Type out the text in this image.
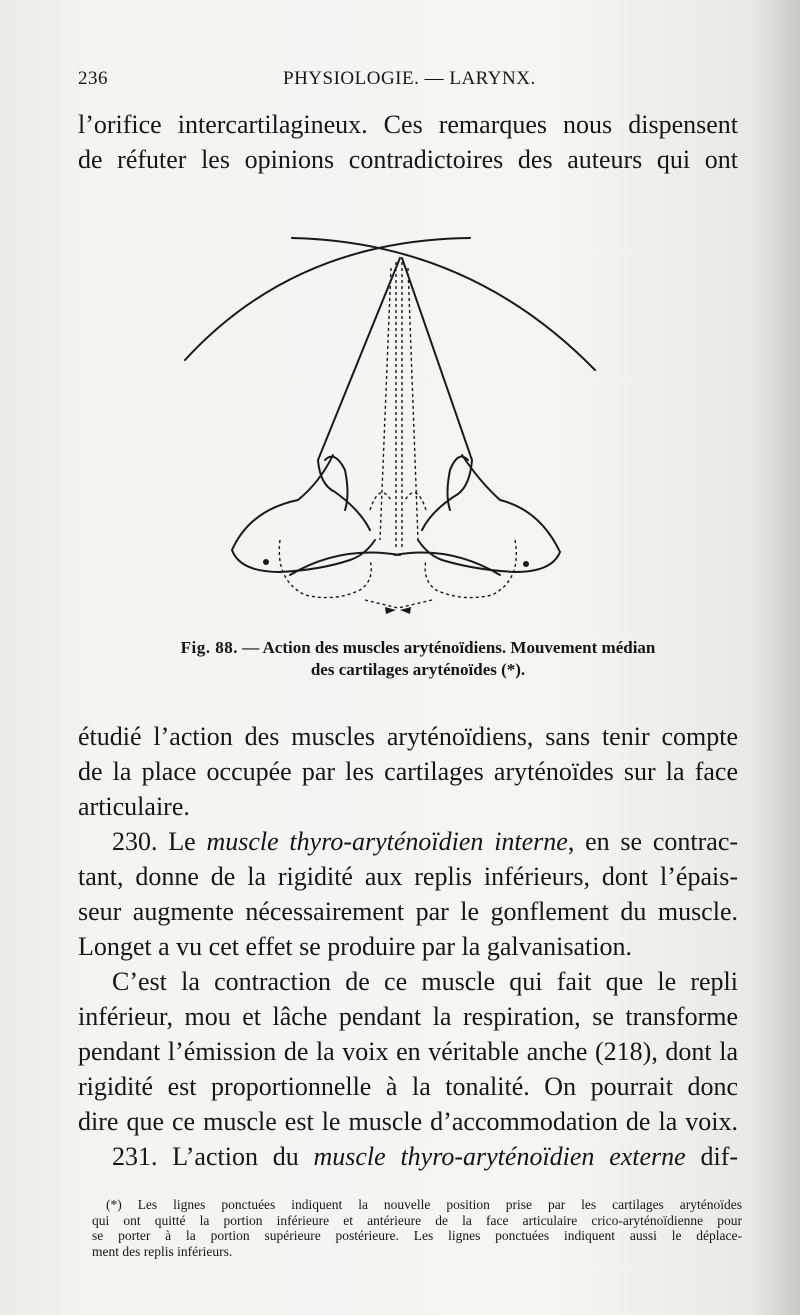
236	PHYSIOLOGIE. — LARYNX.
l’orifice intercartilagineux. Ces remarques nous dispensent
de réfuter les opinions contradictoires des auteurs qui ont
Fig. 88. — Action des muscles aryténoïdiens. Mouvement médian
des cartilages aryténoïdes (*).
étudié l’action des muscles aryténoïdiens, sans tenir compte
de la place occupée par les cartilages aryténoïdes sur la face
articulaire.
230. Le muscle thyro-aryténoïdien interne, en se contrac-
tant, donne de la rigidité aux replis inférieurs, dont l’épais-
seur augmente nécessairement par le gonflement du muscle.
Longet a vu cet effet se produire par la galvanisation.
C’est la contraction de ce muscle qui fait que le repli
inférieur, mou et lâche pendant la respiration, se transforme
pendant l’émission de la voix en véritable anche (218), dont la
rigidité est proportionnelle à la tonalité. On pourrait donc
dire que ce muscle est le muscle d’accommodation de la voix.
231. L’action du muscle thyro-aryténoïdien externe dif-
(*) Les lignes ponctuées indiquent la nouvelle position prise par les cartilages aryténoïdes
qui ont quitté la portion inférieure et antérieure de la face articulaire crico-aryténoïdienne pour
se porter à la portion supérieure postérieure. Les lignes ponctuées indiquent aussi le déplace-
ment des replis inférieurs.
